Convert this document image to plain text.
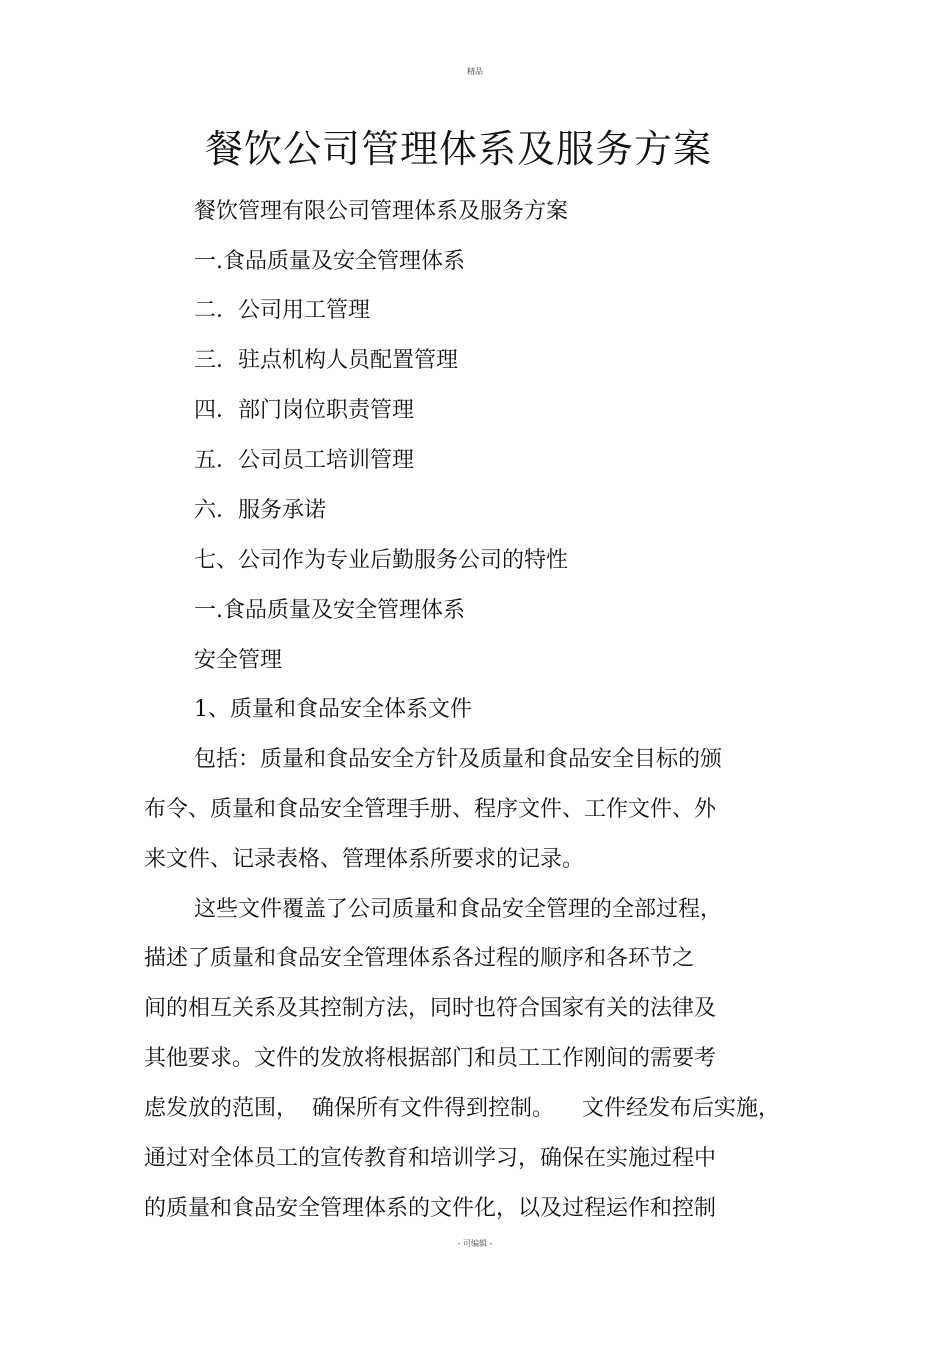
精品
餐饮公司管理体系及服务方案
餐饮管理有限公司管理体系及服务方案
一.食品质量及安全管理体系
二．公司用工管理
三．驻点机构人员配置管理
四．部门岗位职责管理
五．公司员工培训管理
六．服务承诺
七、公司作为专业后勤服务公司的特性
一.食品质量及安全管理体系
安全管理
1、质量和食品安全体系文件
包括：质量和食品安全方针及质量和食品安全目标的颁
布令、质量和食品安全管理手册、程序文件、工作文件、外
来文件、记录表格、管理体系所要求的记录。
这些文件覆盖了公司质量和食品安全管理的全部过程，
描述了质量和食品安全管理体系各过程的顺序和各环节之
间的相互关系及其控制方法，同时也符合国家有关的法律及
其他要求。文件的发放将根据部门和员工工作刚间的需要考
虑发放的范围，  确保所有文件得到控制。    文件经发布后实施，
通过对全体员工的宣传教育和培训学习，确保在实施过程中
的质量和食品安全管理体系的文件化，以及过程运作和控制
- 可编辑 -
